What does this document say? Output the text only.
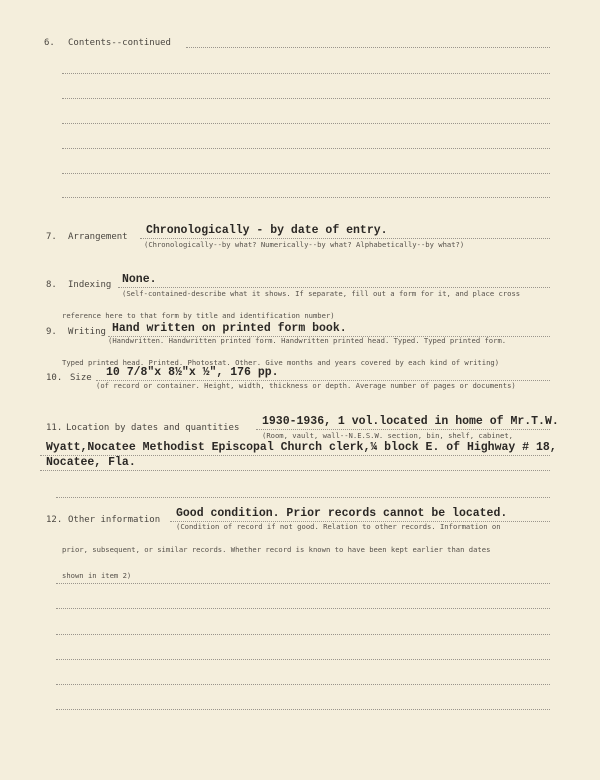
6. Contents--continued
7. Arrangement Chronologically - by date of entry.
(Chronologically--by what? Numerically--by what? Alphabetically--by what?)
8. Indexing None.
(Self-contained-describe what it shows. If separate, fill out a form for it, and place cross
reference here to that form by title and identification number)
9. Writing Hand written on printed form book.
(Handwritten. Handwritten printed form. Handwritten printed head. Typed. Typed printed form.
Typed printed head. Printed. Photostat. Other. Give months and years covered by each kind of writing)
10. Size 10 7/8"x 8½"x ½", 176 pp.
(of record or container. Height, width, thickness or depth. Average number of pages or documents)
11. Location by dates and quantities 1930-1936, 1 vol.located in home of Mr.T.W.
(Room, vault, wall--N.E.S.W. section, bin, shelf, cabinet,
Wyatt,Nocatee Methodist Episcopal Church clerk,¼ block E. of Highway # 18,
Nocatee, Fla.
12. Other information Good condition. Prior records cannot be located.
(Condition of record if not good. Relation to other records. Information on
prior, subsequent, or similar records. Whether record is known to have been kept earlier than dates
shown in item 2)
